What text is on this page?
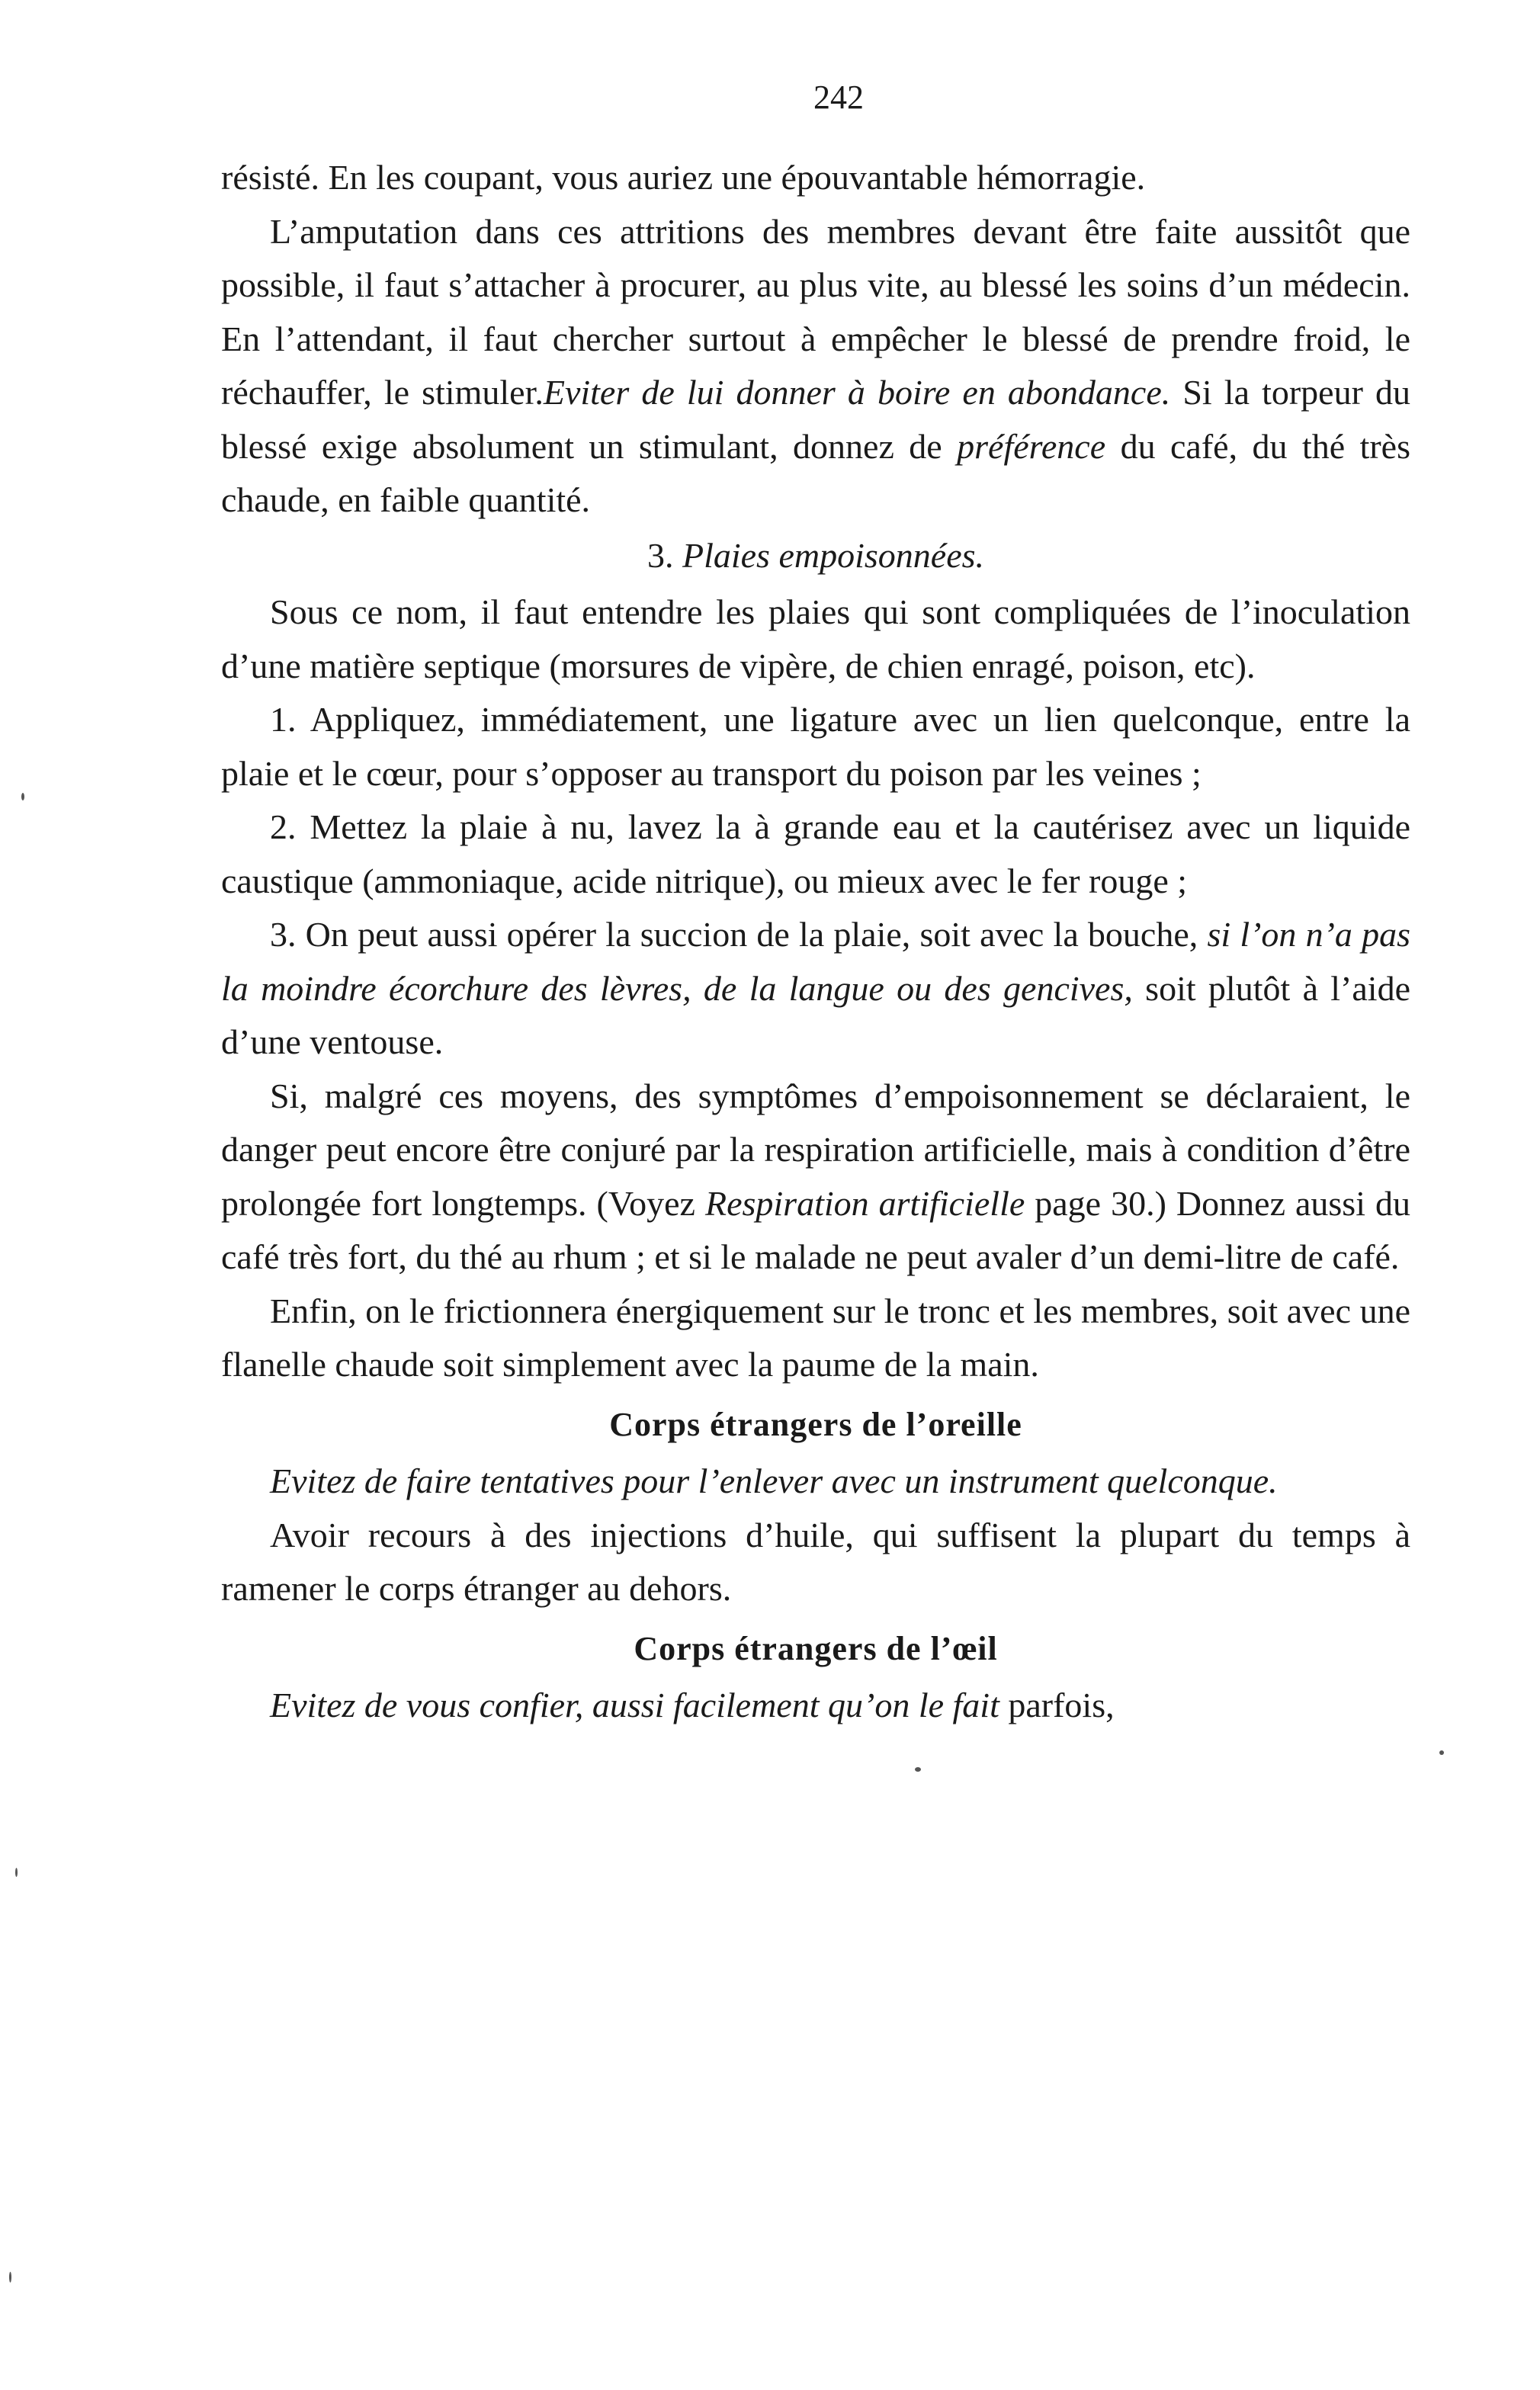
242

résisté. En les coupant, vous auriez une épouvantable hémorragie.

L’amputation dans ces attritions des membres devant être faite aussitôt que possible, il faut s’attacher à procurer, au plus vite, au blessé les soins d’un médecin. En l’attendant, il faut chercher surtout à empêcher le blessé de prendre froid, le réchauffer, le stimuler.Eviter de lui donner à boire en abondance. Si la torpeur du blessé exige absolument un stimulant, donnez de préférence du café, du thé très chaude, en faible quantité.

3. Plaies empoisonnées.

Sous ce nom, il faut entendre les plaies qui sont compliquées de l’inoculation d’une matière septique (morsures de vipère, de chien enragé, poison, etc).

1. Appliquez, immédiatement, une ligature avec un lien quelconque, entre la plaie et le cœur, pour s’opposer au transport du poison par les veines ;

2. Mettez la plaie à nu, lavez la à grande eau et la cautérisez avec un liquide caustique (ammoniaque, acide nitrique), ou mieux avec le fer rouge ;

3. On peut aussi opérer la succion de la plaie, soit avec la bouche, si l’on n’a pas la moindre écorchure des lèvres, de la langue ou des gencives, soit plutôt à l’aide d’une ventouse.

Si, malgré ces moyens, des symptômes d’empoisonnement se déclaraient, le danger peut encore être conjuré par la respiration artificielle, mais à condition d’être prolongée fort longtemps. (Voyez Respiration artificielle page 30.) Donnez aussi du café très fort, du thé au rhum ; et si le malade ne peut avaler d’un demi-litre de café.

Enfin, on le frictionnera énergiquement sur le tronc et les membres, soit avec une flanelle chaude soit simplement avec la paume de la main.

Corps étrangers de l’oreille

Evitez de faire tentatives pour l’enlever avec un instrument quelconque.

Avoir recours à des injections d’huile, qui suffisent la plupart du temps à ramener le corps étranger au dehors.

Corps étrangers de l’œil

Evitez de vous confier, aussi facilement qu’on le fait parfois,
